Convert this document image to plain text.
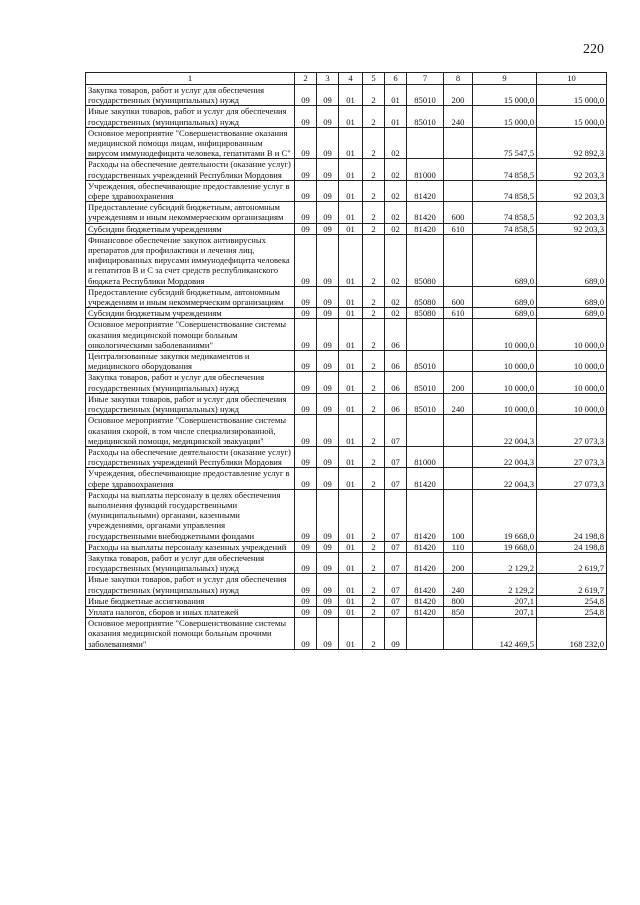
220
1	2	3	4	5	6	7	8	9	10
Закупка товаров, работ и услуг для обеспечения государственных (муниципальных) нужд	09	09	01	2	01	85010	200	15 000,0	15 000,0
Иные закупки товаров, работ и услуг для обеспечения государственных (муниципальных) нужд	09	09	01	2	01	85010	240	15 000,0	15 000,0
Основное мероприятие "Совершенствование оказания медицинской помощи лицам, инфицированным вирусом иммунодефицита человека, гепатитами В и С"	09	09	01	2	02			75 547,5	92 892,3
Расходы на обеспечение деятельности (оказание услуг) государственных учреждений Республики Мордовия	09	09	01	2	02	81000		74 858,5	92 203,3
Учреждения, обеспечивающие предоставление услуг в сфере здравоохранения	09	09	01	2	02	81420		74 858,5	92 203,3
Предоставление субсидий бюджетным, автономным учреждениям и иным некоммерческим организациям	09	09	01	2	02	81420	600	74 858,5	92 203,3
Субсидии бюджетным учреждениям	09	09	01	2	02	81420	610	74 858,5	92 203,3
Финансовое обеспечение закупок антивирусных препаратов для профилактики и лечения лиц, инфицированных вирусами иммунодефицита человека и гепатитов В и С за счет средств республиканского бюджета Республики Мордовия	09	09	01	2	02	85080		689,0	689,0
Предоставление субсидий бюджетным, автономным учреждениям и иным некоммерческим организациям	09	09	01	2	02	85080	600	689,0	689,0
Субсидии бюджетным учреждениям	09	09	01	2	02	85080	610	689,0	689,0
Основное мероприятие "Совершенствование системы оказания медицинской помощи больным онкологическими заболеваниями"	09	09	01	2	06			10 000,0	10 000,0
Централизованные закупки медикаментов и медицинского оборудования	09	09	01	2	06	85010		10 000,0	10 000,0
Закупка товаров, работ и услуг для обеспечения государственных (муниципальных) нужд	09	09	01	2	06	85010	200	10 000,0	10 000,0
Иные закупки товаров, работ и услуг для обеспечения государственных (муниципальных) нужд	09	09	01	2	06	85010	240	10 000,0	10 000,0
Основное мероприятие "Совершенствование системы оказания скорой, в том числе специализированной, медицинской помощи, медицинской эвакуации"	09	09	01	2	07			22 004,3	27 073,3
Расходы на обеспечение деятельности (оказание услуг) государственных учреждений Республики Мордовия	09	09	01	2	07	81000		22 004,3	27 073,3
Учреждения, обеспечивающие предоставление услуг в сфере здравоохранения	09	09	01	2	07	81420		22 004,3	27 073,3
Расходы на выплаты персоналу в целях обеспечения выполнения функций государственными (муниципальными) органами, казенными учреждениями, органами управления государственными внебюджетными фондами	09	09	01	2	07	81420	100	19 668,0	24 198,8
Расходы на выплаты персоналу казенных учреждений	09	09	01	2	07	81420	110	19 668,0	24 198,8
Закупка товаров, работ и услуг для обеспечения государственных (муниципальных) нужд	09	09	01	2	07	81420	200	2 129,2	2 619,7
Иные закупки товаров, работ и услуг для обеспечения государственных (муниципальных) нужд	09	09	01	2	07	81420	240	2 129,2	2 619,7
Иные бюджетные ассигнования	09	09	01	2	07	81420	800	207,1	254,8
Уплата налогов, сборов и иных платежей	09	09	01	2	07	81420	850	207,1	254,8
Основное мероприятие "Совершенствование системы оказания медицинской помощи больным прочими заболеваниями"	09	09	01	2	09			142 469,5	168 232,0
